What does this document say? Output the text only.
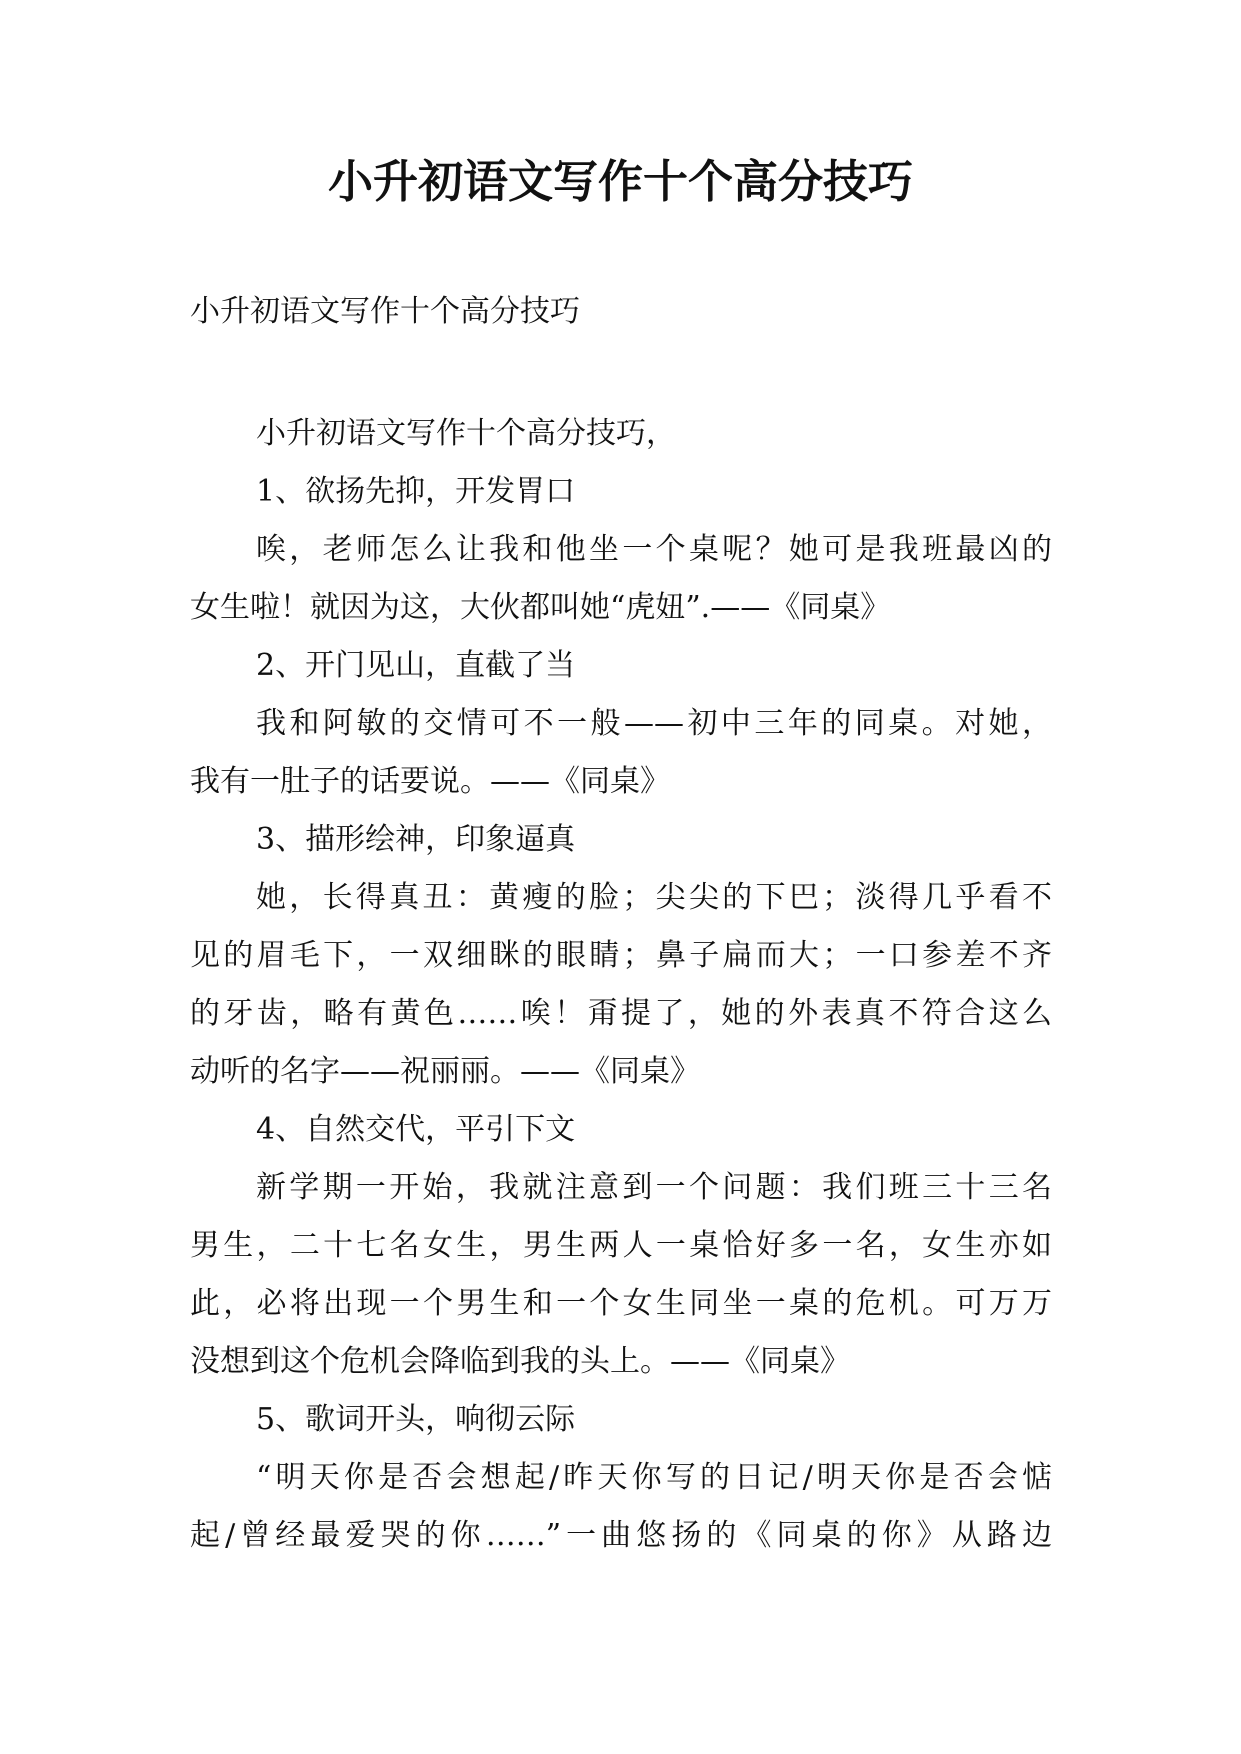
小升初语文写作十个高分技巧
小升初语文写作十个高分技巧
小升初语文写作十个高分技巧，
1、欲扬先抑，开发胃口
唉，老师怎么让我和他坐一个桌呢？她可是我班最凶的
女生啦！就因为这，大伙都叫她“虎妞”.——《同桌》
2、开门见山，直截了当
我和阿敏的交情可不一般——初中三年的同桌。对她，
我有一肚子的话要说。——《同桌》
3、描形绘神，印象逼真
她，长得真丑：黄瘦的脸；尖尖的下巴；淡得几乎看不
见的眉毛下，一双细眯的眼睛；鼻子扁而大；一口参差不齐
的牙齿，略有黄色……唉！甭提了，她的外表真不符合这么
动听的名字——祝丽丽。——《同桌》
4、自然交代，平引下文
新学期一开始，我就注意到一个问题：我们班三十三名
男生，二十七名女生，男生两人一桌恰好多一名，女生亦如
此，必将出现一个男生和一个女生同坐一桌的危机。可万万
没想到这个危机会降临到我的头上。——《同桌》
5、歌词开头，响彻云际
“明天你是否会想起/昨天你写的日记/明天你是否会惦
起/曾经最爱哭的你……”一曲悠扬的《同桌的你》从路边
